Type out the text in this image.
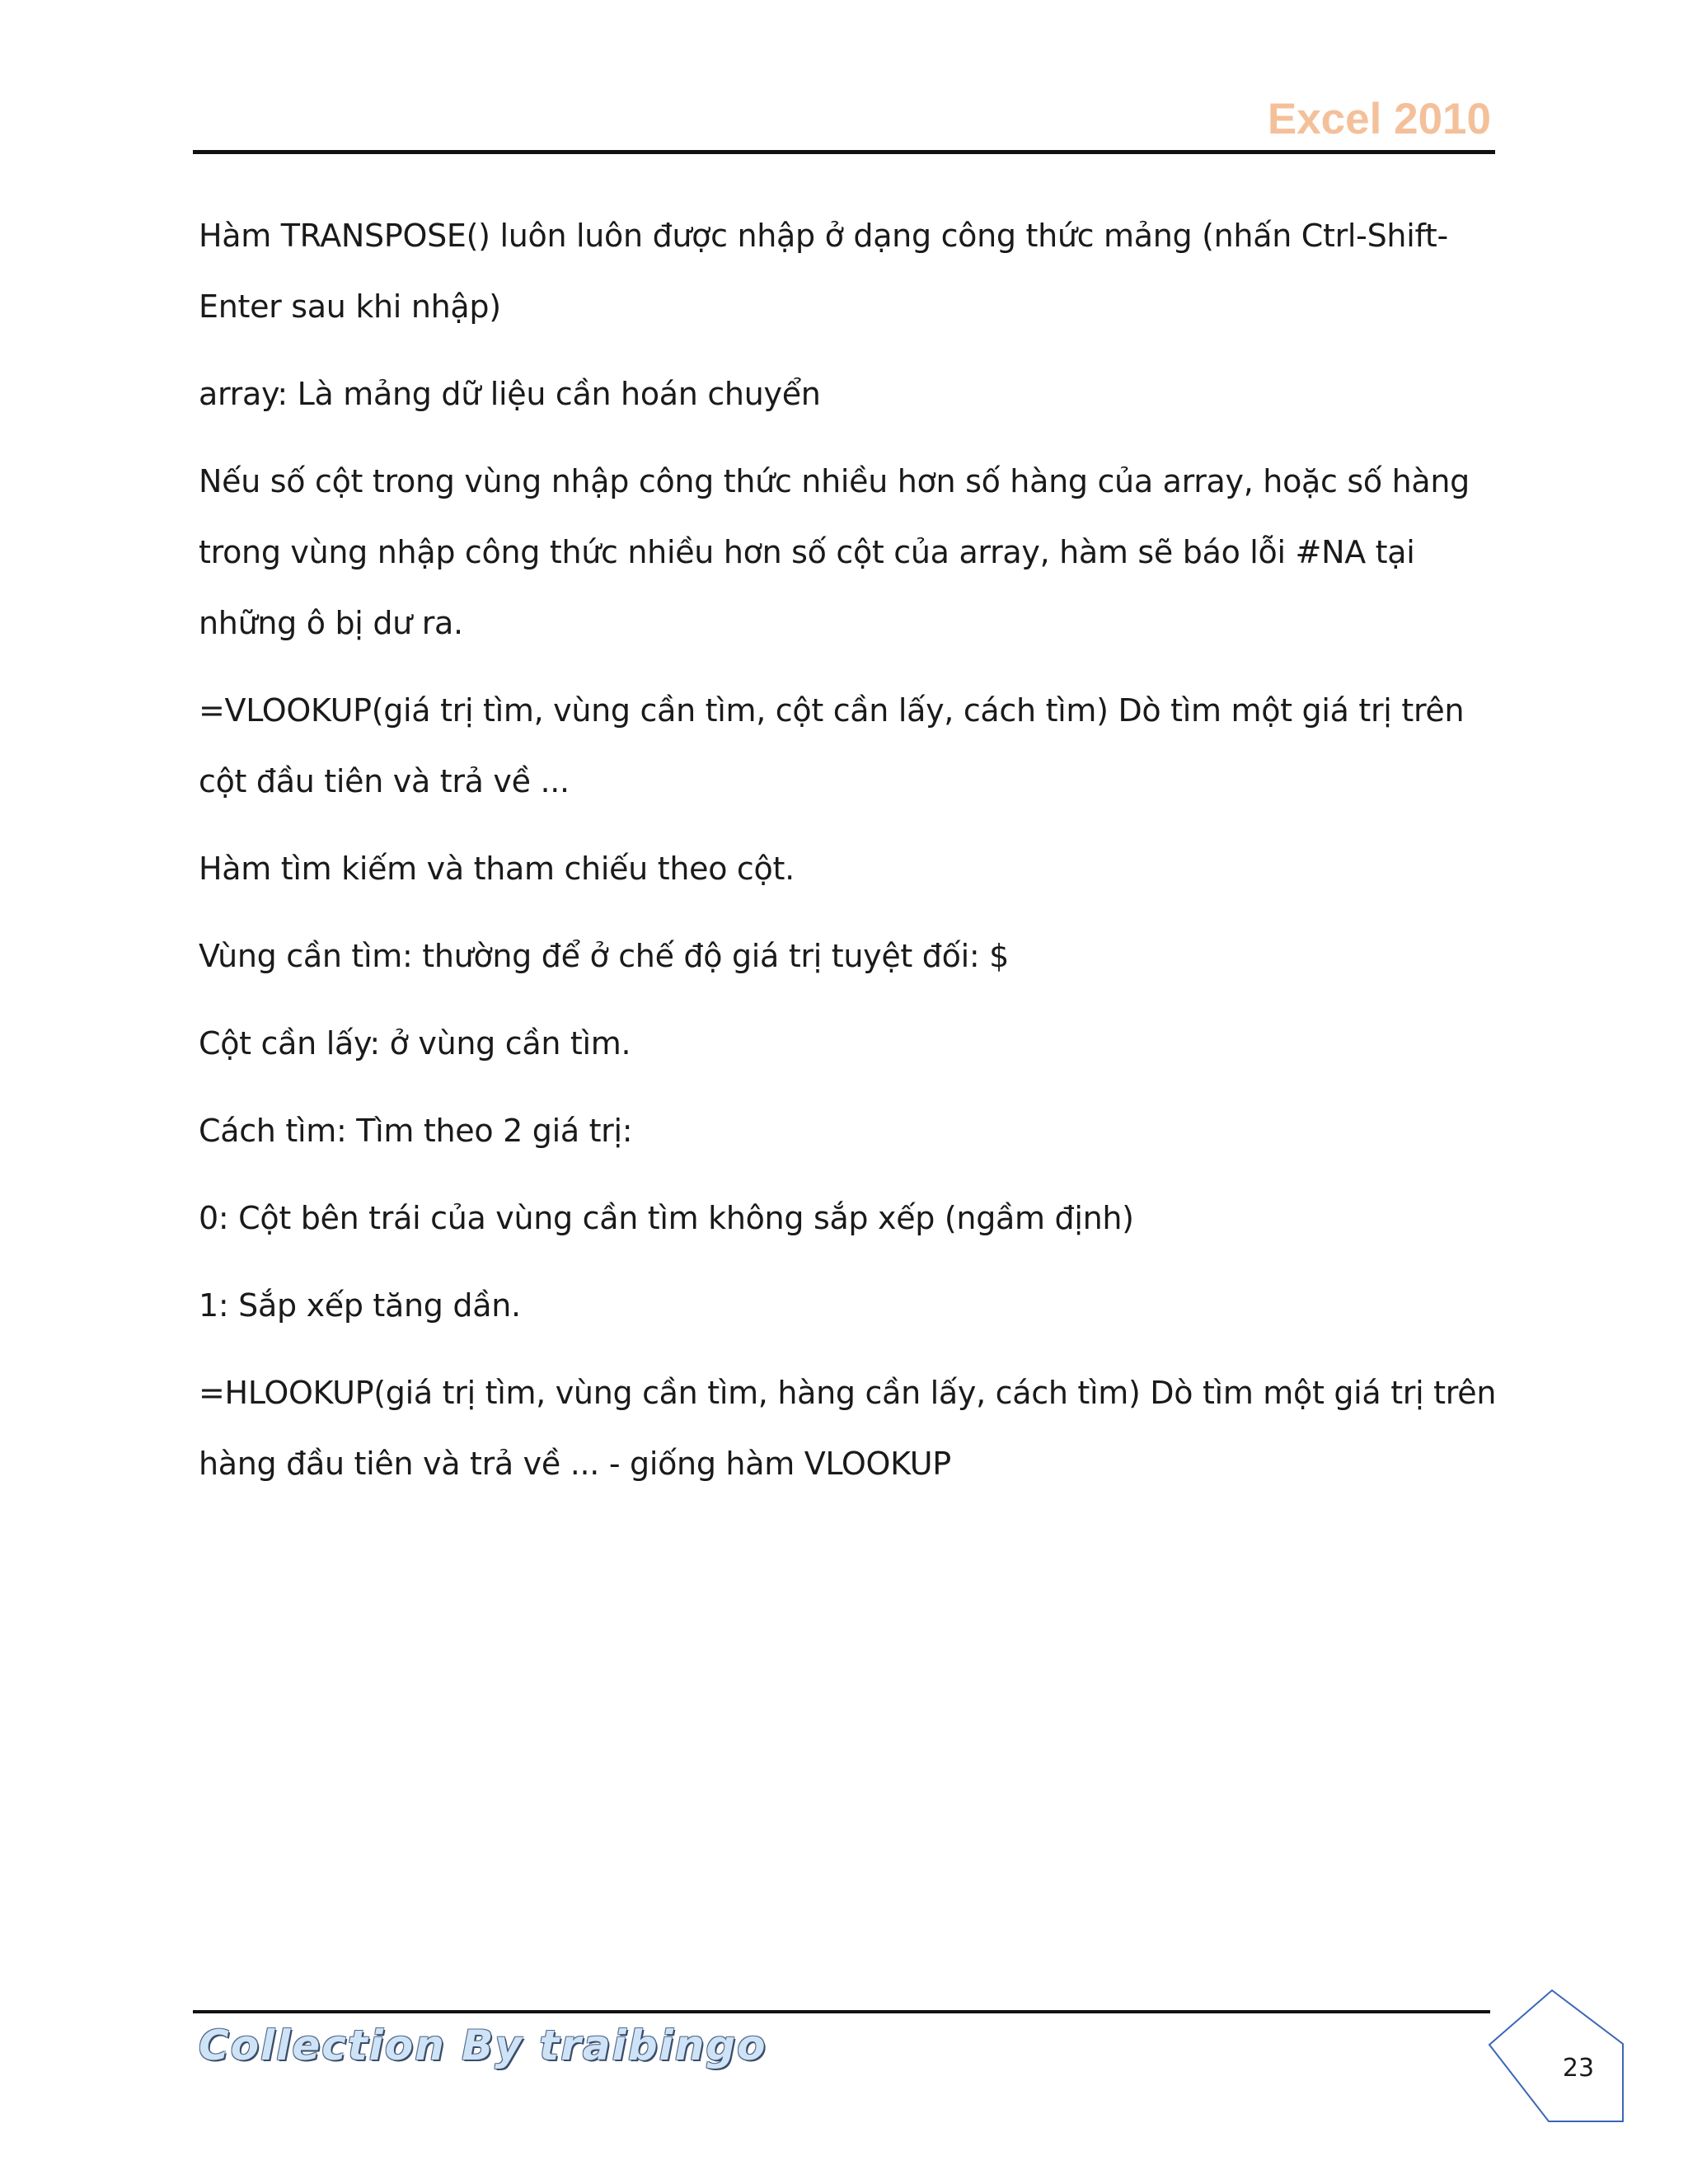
Excel 2010

Hàm TRANSPOSE() luôn luôn được nhập ở dạng công thức mảng (nhấn Ctrl-Shift-Enter sau khi nhập)

array: Là mảng dữ liệu cần hoán chuyển

Nếu số cột trong vùng nhập công thức nhiều hơn số hàng của array, hoặc số hàng trong vùng nhập công thức nhiều hơn số cột của array, hàm sẽ báo lỗi #NA tại những ô bị dư ra.

=VLOOKUP(giá trị tìm, vùng cần tìm, cột cần lấy, cách tìm) Dò tìm một giá trị trên cột đầu tiên và trả về ...

Hàm tìm kiếm và tham chiếu theo cột.

Vùng cần tìm: thường để ở chế độ giá trị tuyệt đối: $

Cột cần lấy: ở vùng cần tìm.

Cách tìm: Tìm theo 2 giá trị:

0: Cột bên trái của vùng cần tìm không sắp xếp (ngầm định)

1: Sắp xếp tăng dần.

=HLOOKUP(giá trị tìm, vùng cần tìm, hàng cần lấy, cách tìm) Dò tìm một giá trị trên hàng đầu tiên và trả về ... - giống hàm VLOOKUP

Collection By traibingo	23
